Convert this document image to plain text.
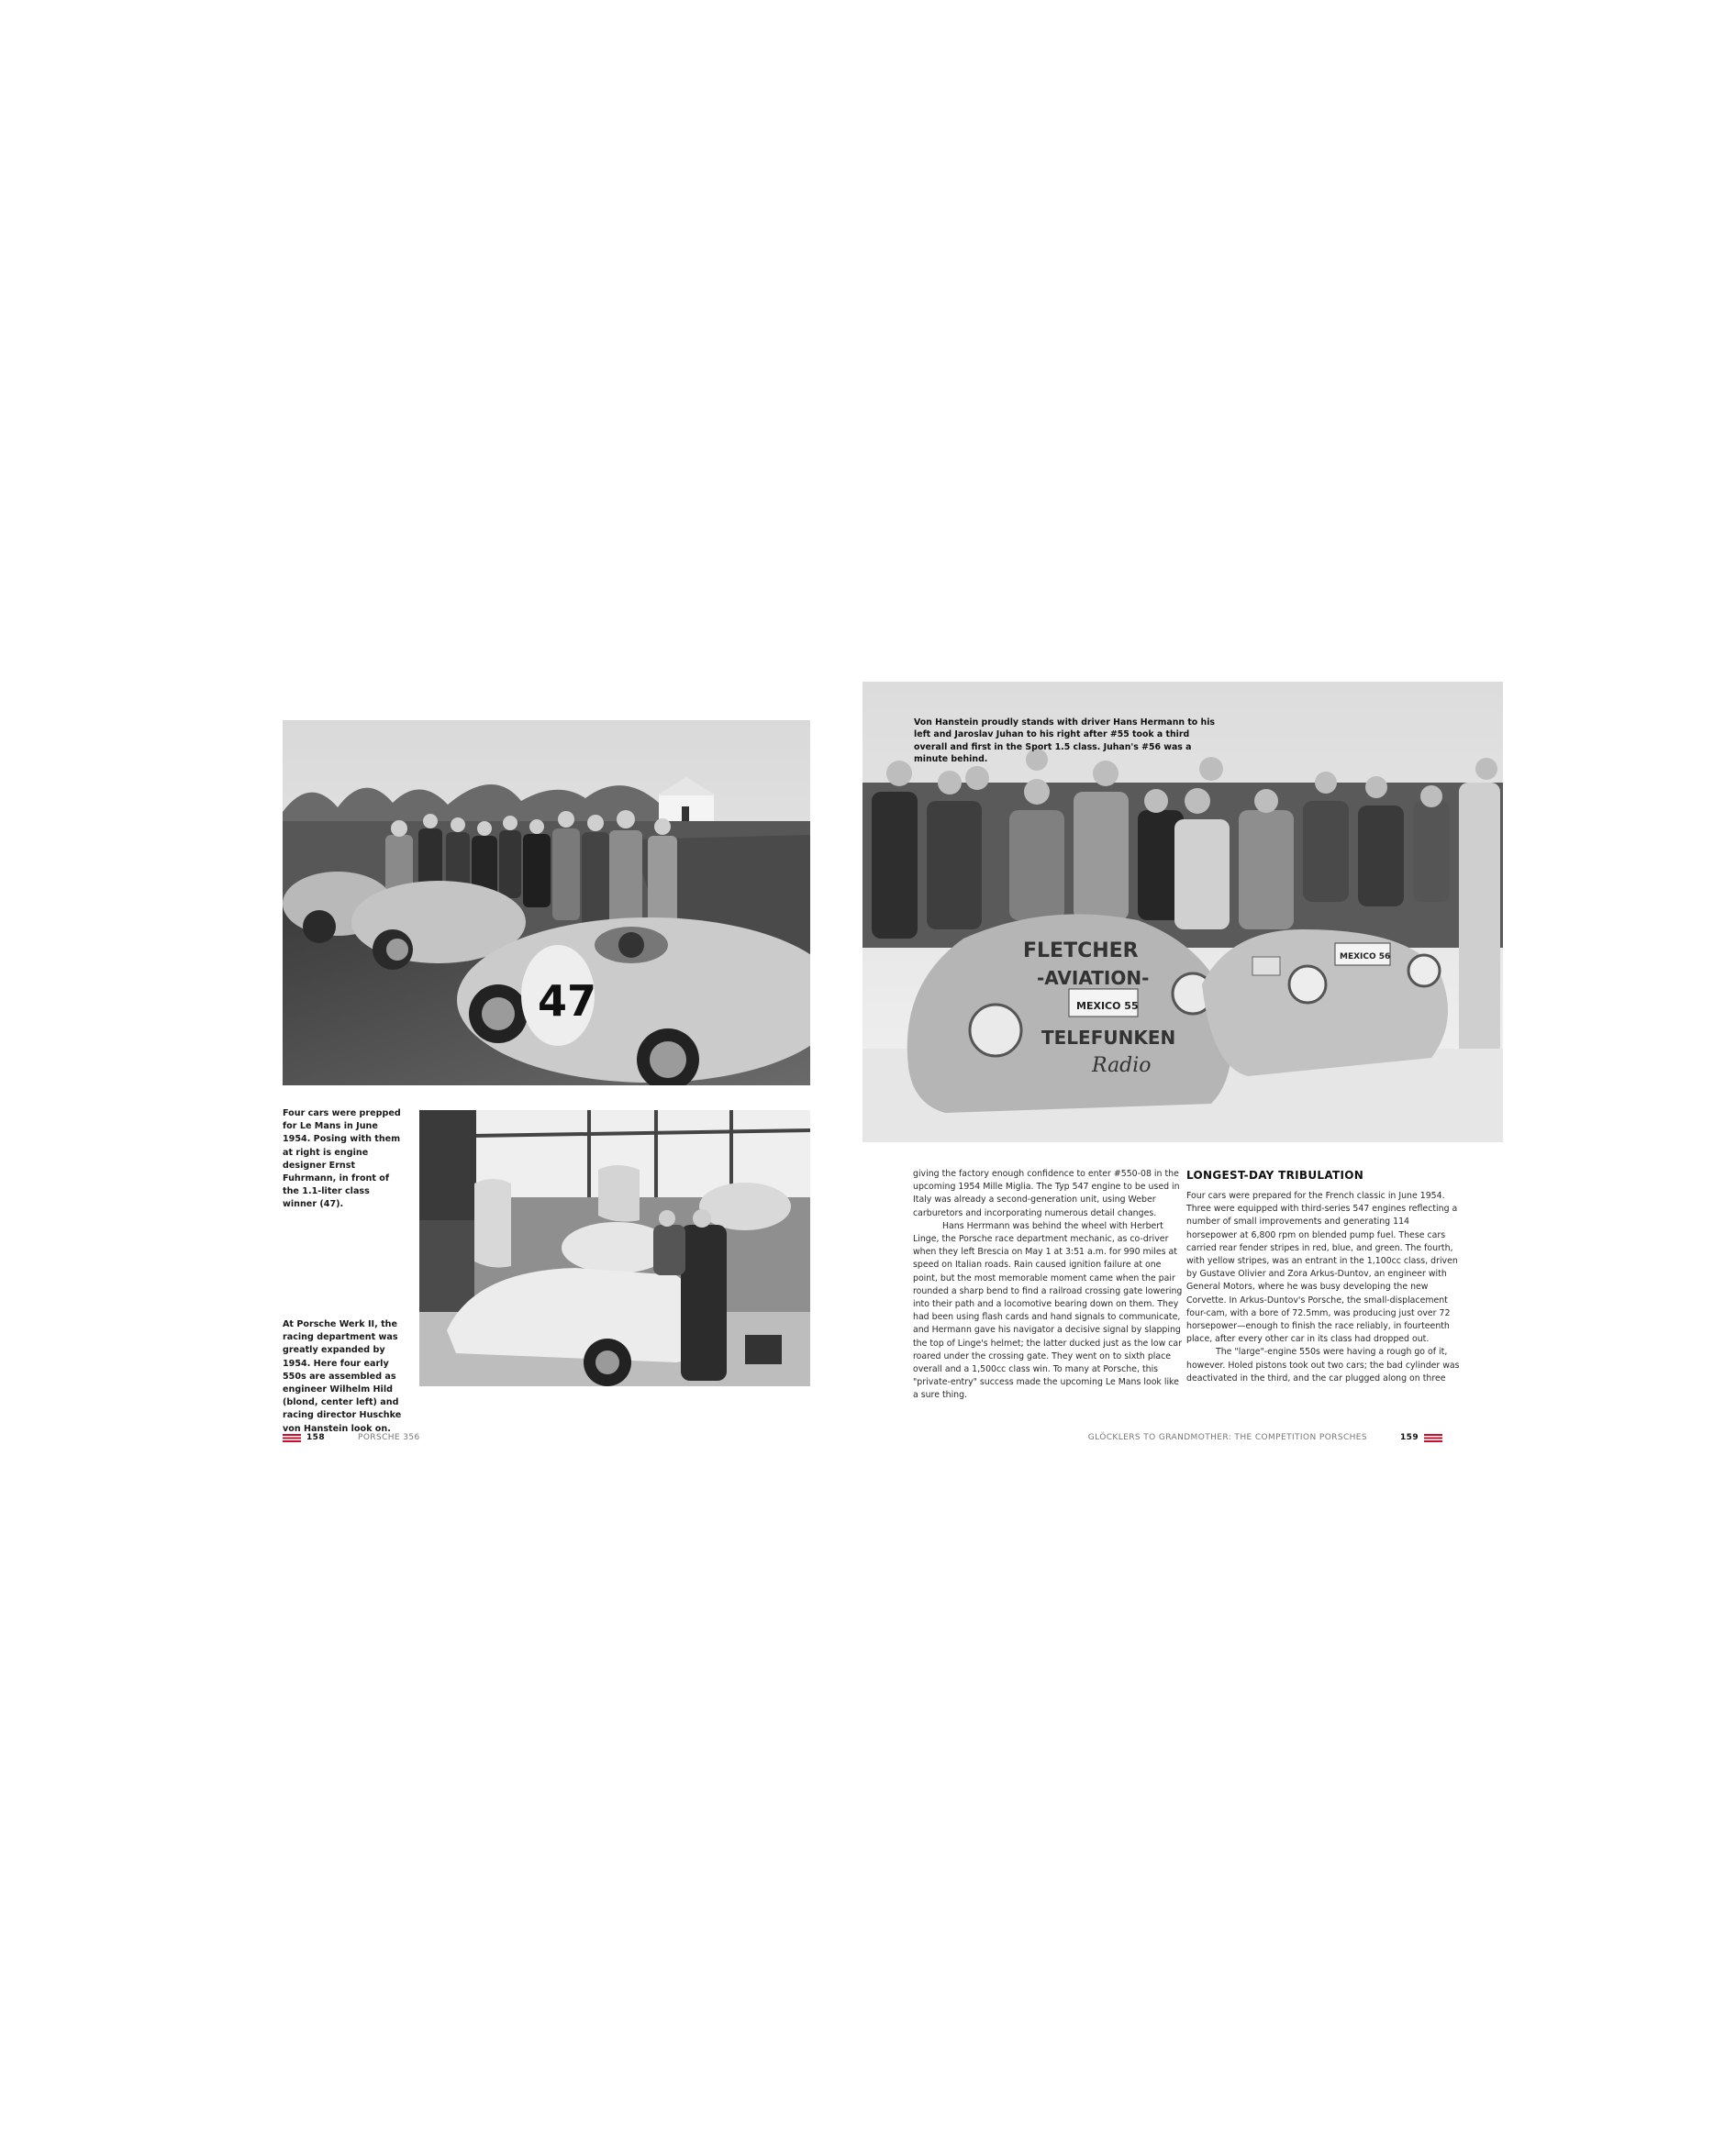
47
Four cars were prepped for Le Mans in June 1954. Posing with them at right is engine designer Ernst Fuhrmann, in front of the 1.1-liter class winner (47).
At Porsche Werk II, the racing department was greatly expanded by 1954. Here four early 550s are assembled as engineer Wilhelm Hild (blond, center left) and racing director Huschke von Hanstein look on.
158	PORSCHE 356
FLETCHER
-AVIATION-
MEXICO 55
TELEFUNKEN
Radio
MEXICO 56
Von Hanstein proudly stands with driver Hans Hermann to his left and Jaroslav Juhan to his right after #55 took a third overall and first in the Sport 1.5 class. Juhan's #56 was a minute behind.

giving the factory enough confidence to enter #550-08 in the upcoming 1954 Mille Miglia. The Typ 547 engine to be used in Italy was already a second-generation unit, using Weber carburetors and incorporating numerous detail changes.

Hans Herrmann was behind the wheel with Herbert Linge, the Porsche race department mechanic, as co-driver when they left Brescia on May 1 at 3:51 a.m. for 990 miles at speed on Italian roads. Rain caused ignition failure at one point, but the most memorable moment came when the pair rounded a sharp bend to find a railroad crossing gate lowering into their path and a locomotive bearing down on them. They had been using flash cards and hand signals to communicate, and Hermann gave his navigator a decisive signal by slapping the top of Linge's helmet; the latter ducked just as the low car roared under the crossing gate. They went on to sixth place overall and a 1,500cc class win. To many at Porsche, this "private-entry" success made the upcoming Le Mans look like a sure thing.

LONGEST-DAY TRIBULATION

Four cars were prepared for the French classic in June 1954. Three were equipped with third-series 547 engines reflecting a number of small improvements and generating 114 horsepower at 6,800 rpm on blended pump fuel. These cars carried rear fender stripes in red, blue, and green. The fourth, with yellow stripes, was an entrant in the 1,100cc class, driven by Gustave Olivier and Zora Arkus-Duntov, an engineer with General Motors, where he was busy developing the new Corvette. In Arkus-Duntov's Porsche, the small-displacement four-cam, with a bore of 72.5mm, was producing just over 72 horsepower—enough to finish the race reliably, in fourteenth place, after every other car in its class had dropped out.

The "large"-engine 550s were having a rough go of it, however. Holed pistons took out two cars; the bad cylinder was deactivated in the third, and the car plugged along on three

GLÖCKLERS TO GRANDMOTHER: THE COMPETITION PORSCHES	159
